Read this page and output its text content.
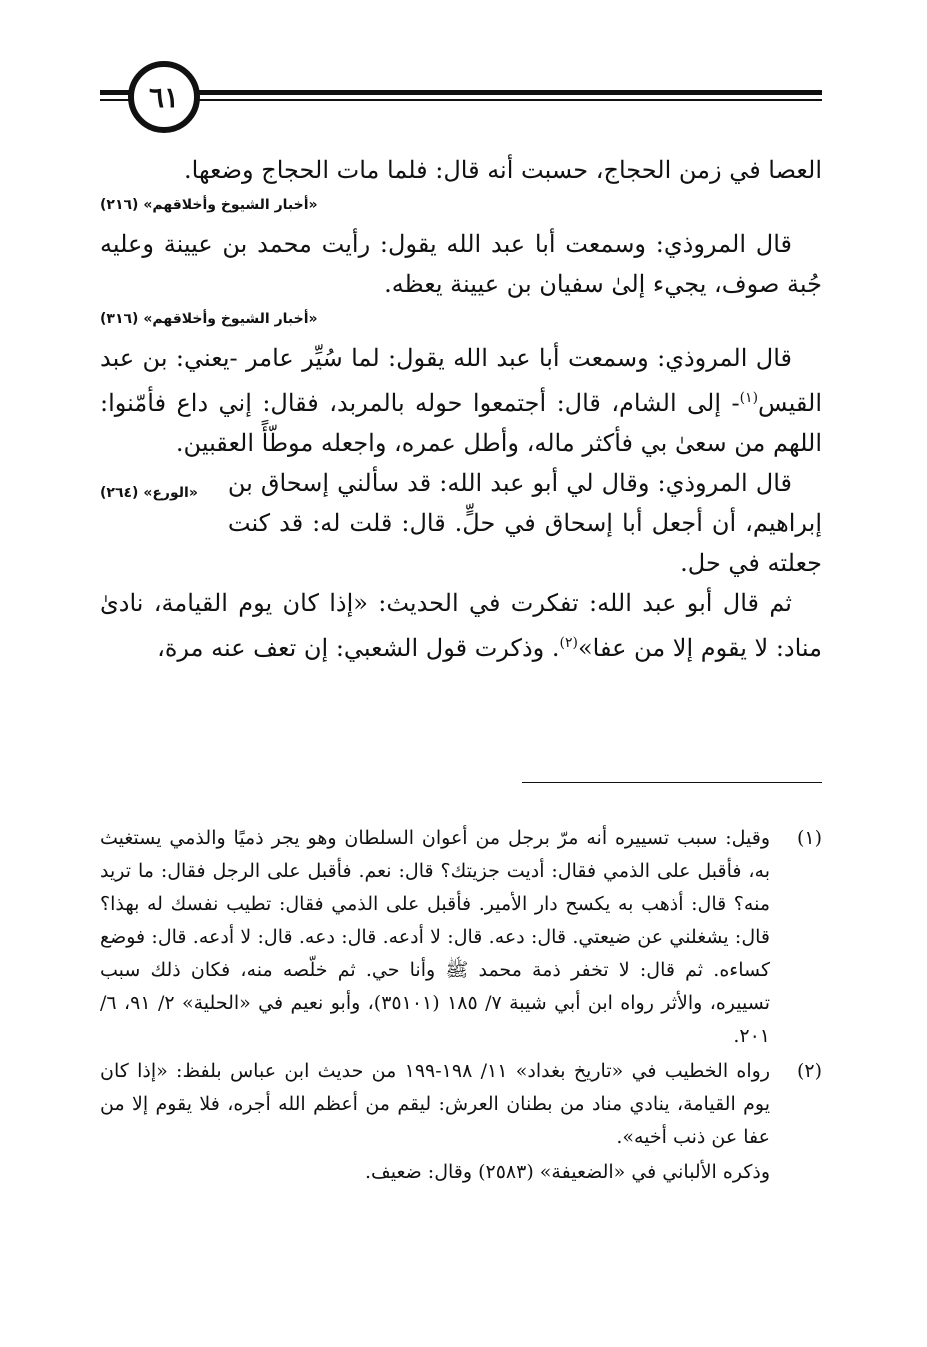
٦١

العصا في زمن الحجاج، حسبت أنه قال: فلما مات الحجاج وضعها.

«أخبار الشيوخ وأخلاقهم» (٢١٦)

قال المروذي: وسمعت أبا عبد الله يقول: رأيت محمد بن عيينة وعليه جُبة صوف، يجيء إلىٰ سفيان بن عيينة يعظه.

«أخبار الشيوخ وأخلاقهم» (٣١٦)

قال المروذي: وسمعت أبا عبد الله يقول: لما سُيِّر عامر -يعني: بن عبد القيس$^{(١)}$- إلى الشام، قال: أجتمعوا حوله بالمربد، فقال: إني داع فأمّنوا: اللهم من سعىٰ بي فأكثر ماله، وأطل عمره، واجعله موطّأً العقبين.
«الورع» (٢٦٤)	قال المروذي: وقال لي أبو عبد الله: قد سألني إسحاق بن إبراهيم، أن أجعل أبا إسحاق في حلٍّ. قال: قلت له: قد كنت جعلته في حل.

ثم قال أبو عبد الله: تفكرت في الحديث: «إذا كان يوم القيامة، نادىٰ مناد: لا يقوم إلا من عفا»$^{(٢)}$. وذكرت قول الشعبي: إن تعف عنه مرة،

(١)
وقيل: سبب تسييره أنه مرّ برجل من أعوان السلطان وهو يجر ذميًا والذمي يستغيث به، فأقبل على الذمي فقال: أديت جزيتك؟ قال: نعم. فأقبل على الرجل فقال: ما تريد منه؟ قال: أذهب به يكسح دار الأمير. فأقبل على الذمي فقال: تطيب نفسك له بهذا؟ قال: يشغلني عن ضيعتي. قال: دعه. قال: لا أدعه. قال: دعه. قال: لا أدعه. قال: فوضع كساءه. ثم قال: لا تخفر ذمة محمد ﷺ وأنا حي. ثم خلّصه منه، فكان ذلك سبب تسييره، والأثر رواه ابن أبي شيبة ٧/ ١٨٥ (٣٥١٠١)، وأبو نعيم في «الحلية» ٢/ ٩١، ٦/ ٢٠١.

(٢)
رواه الخطيب في «تاريخ بغداد» ١١/ ١٩٨-١٩٩ من حديث ابن عباس بلفظ: «إذا كان يوم القيامة، ينادي مناد من بطنان العرش: ليقم من أعظم الله أجره، فلا يقوم إلا من عفا عن ذنب أخيه».

وذكره الألباني في «الضعيفة» (٢٥٨٣) وقال: ضعيف.
